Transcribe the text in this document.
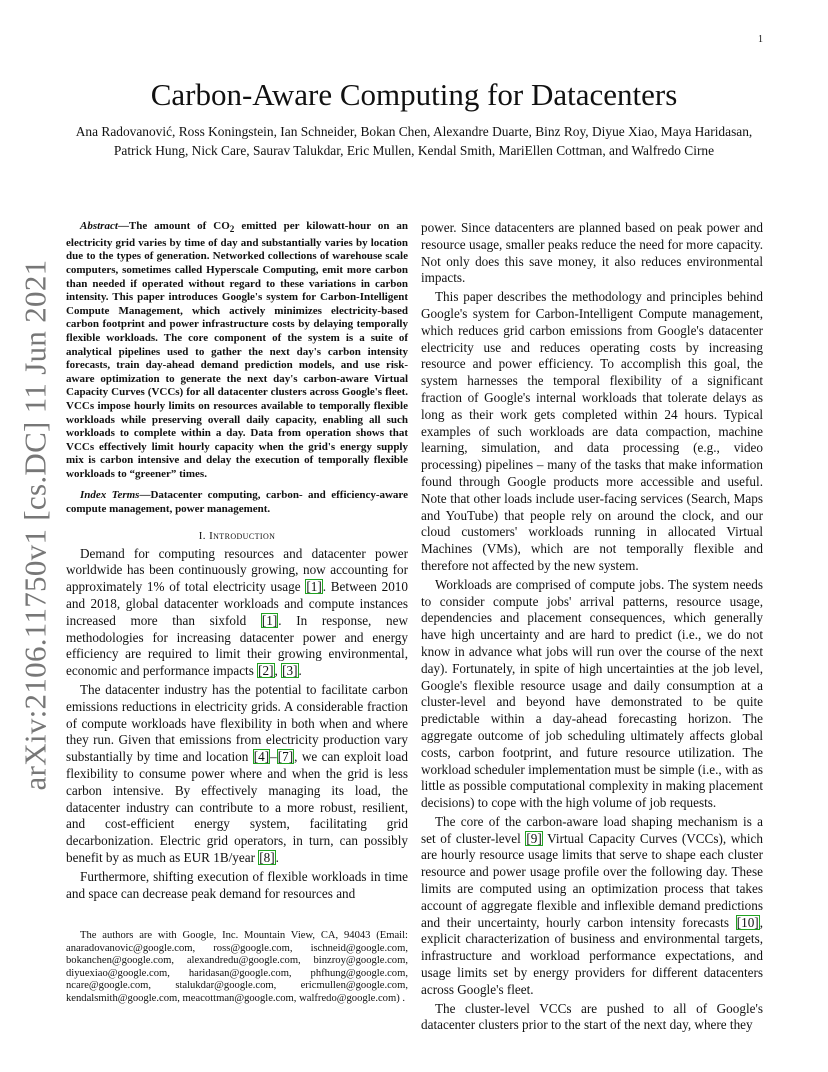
1
arXiv:2106.11750v1 [cs.DC] 11 Jun 2021
Carbon-Aware Computing for Datacenters
Ana Radovanović, Ross Koningstein, Ian Schneider, Bokan Chen, Alexandre Duarte, Binz Roy, Diyue Xiao, Maya Haridasan, Patrick Hung, Nick Care, Saurav Talukdar, Eric Mullen, Kendal Smith, MariEllen Cottman, and Walfredo Cirne

Abstract—The amount of $CO_2$ emitted per kilowatt-hour on an electricity grid varies by time of day and substantially varies by location due to the types of generation. Networked collections of warehouse scale computers, sometimes called Hyperscale Computing, emit more carbon than needed if operated without regard to these variations in carbon intensity. This paper introduces Google's system for Carbon-Intelligent Compute Management, which actively minimizes electricity-based carbon footprint and power infrastructure costs by delaying temporally flexible workloads. The core component of the system is a suite of analytical pipelines used to gather the next day's carbon intensity forecasts, train day-ahead demand prediction models, and use risk-aware optimization to generate the next day's carbon-aware Virtual Capacity Curves (VCCs) for all datacenter clusters across Google's fleet. VCCs impose hourly limits on resources available to temporally flexible workloads while preserving overall daily capacity, enabling all such workloads to complete within a day. Data from operation shows that VCCs effectively limit hourly capacity when the grid's energy supply mix is carbon intensive and delay the execution of temporally flexible workloads to “greener” times.

Index Terms—Datacenter computing, carbon- and efficiency-aware compute management, power management.

I. Introduction

Demand for computing resources and datacenter power worldwide has been continuously growing, now accounting for approximately 1% of total electricity usage [1]. Between 2010 and 2018, global datacenter workloads and compute instances increased more than sixfold [1]. In response, new methodologies for increasing datacenter power and energy efficiency are required to limit their growing environmental, economic and performance impacts [2], [3].

The datacenter industry has the potential to facilitate carbon emissions reductions in electricity grids. A considerable fraction of compute workloads have flexibility in both when and where they run. Given that emissions from electricity production vary substantially by time and location [4]–[7], we can exploit load flexibility to consume power where and when the grid is less carbon intensive. By effectively managing its load, the datacenter industry can contribute to a more robust, resilient, and cost-efficient energy system, facilitating grid decarbonization. Electric grid operators, in turn, can possibly benefit by as much as EUR 1B/year [8].

Furthermore, shifting execution of flexible workloads in time and space can decrease peak demand for resources and

The authors are with Google, Inc. Mountain View, CA, 94043 (Email: anaradovanovic@google.com, ross@google.com, ischneid@google.com, bokanchen@google.com, alexandredu@google.com, binzroy@google.com, diyuexiao@google.com, haridasan@google.com, phfhung@google.com, ncare@google.com, stalukdar@google.com, ericmullen@google.com, kendalsmith@google.com, meacottman@google.com, walfredo@google.com) .

power. Since datacenters are planned based on peak power and resource usage, smaller peaks reduce the need for more capacity. Not only does this save money, it also reduces environmental impacts.

This paper describes the methodology and principles behind Google's system for Carbon-Intelligent Compute management, which reduces grid carbon emissions from Google's datacenter electricity use and reduces operating costs by increasing resource and power efficiency. To accomplish this goal, the system harnesses the temporal flexibility of a significant fraction of Google's internal workloads that tolerate delays as long as their work gets completed within 24 hours. Typical examples of such workloads are data compaction, machine learning, simulation, and data processing (e.g., video processing) pipelines – many of the tasks that make information found through Google products more accessible and useful. Note that other loads include user-facing services (Search, Maps and YouTube) that people rely on around the clock, and our cloud customers' workloads running in allocated Virtual Machines (VMs), which are not temporally flexible and therefore not affected by the new system.

Workloads are comprised of compute jobs. The system needs to consider compute jobs' arrival patterns, resource usage, dependencies and placement consequences, which generally have high uncertainty and are hard to predict (i.e., we do not know in advance what jobs will run over the course of the next day). Fortunately, in spite of high uncertainties at the job level, Google's flexible resource usage and daily consumption at a cluster-level and beyond have demonstrated to be quite predictable within a day-ahead forecasting horizon. The aggregate outcome of job scheduling ultimately affects global costs, carbon footprint, and future resource utilization. The workload scheduler implementation must be simple (i.e., with as little as possible computational complexity in making placement decisions) to cope with the high volume of job requests.

The core of the carbon-aware load shaping mechanism is a set of cluster-level [9] Virtual Capacity Curves (VCCs), which are hourly resource usage limits that serve to shape each cluster resource and power usage profile over the following day. These limits are computed using an optimization process that takes account of aggregate flexible and inflexible demand predictions and their uncertainty, hourly carbon intensity forecasts [10], explicit characterization of business and environmental targets, infrastructure and workload performance expectations, and usage limits set by energy providers for different datacenters across Google's fleet.

The cluster-level VCCs are pushed to all of Google's datacenter clusters prior to the start of the next day, where they
